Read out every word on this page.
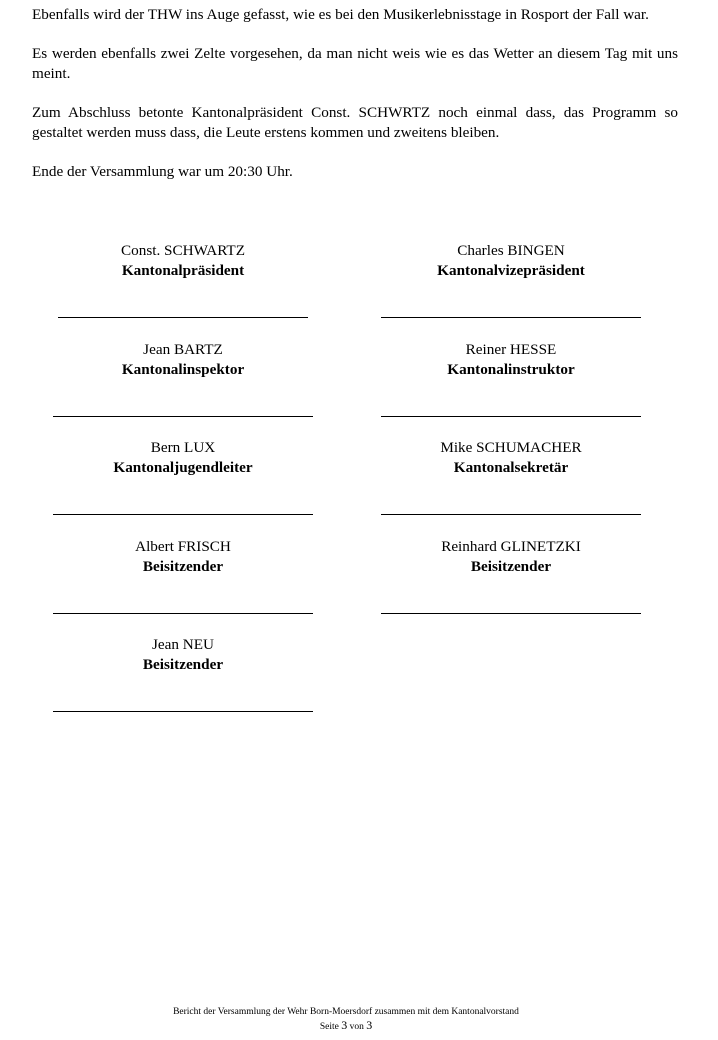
Ebenfalls wird der THW ins Auge gefasst, wie es bei den Musikerlebnisstage in Rosport der Fall war.

Es werden ebenfalls zwei Zelte vorgesehen, da man nicht weis wie es das Wetter an diesem Tag mit uns meint.

Zum Abschluss betonte Kantonalpräsident Const. SCHWRTZ noch einmal dass, das Programm so gestaltet werden muss dass, die Leute erstens kommen und zweitens bleiben.

Ende der Versammlung war um 20:30 Uhr.

Const. SCHWARTZ
Kantonalpräsident
Charles BINGEN
Kantonalvizepräsident
Jean BARTZ
Kantonalinspektor
Reiner HESSE
Kantonalinstruktor
Bern LUX
Kantonaljugendleiter
Mike SCHUMACHER
Kantonalsekretär
Albert FRISCH
Beisitzender
Reinhard GLINETZKI
Beisitzender
Jean NEU
Beisitzender
Bericht der Versammlung der Wehr Born-Moersdorf zusammen mit dem Kantonalvorstand
Seite 3 von 3
